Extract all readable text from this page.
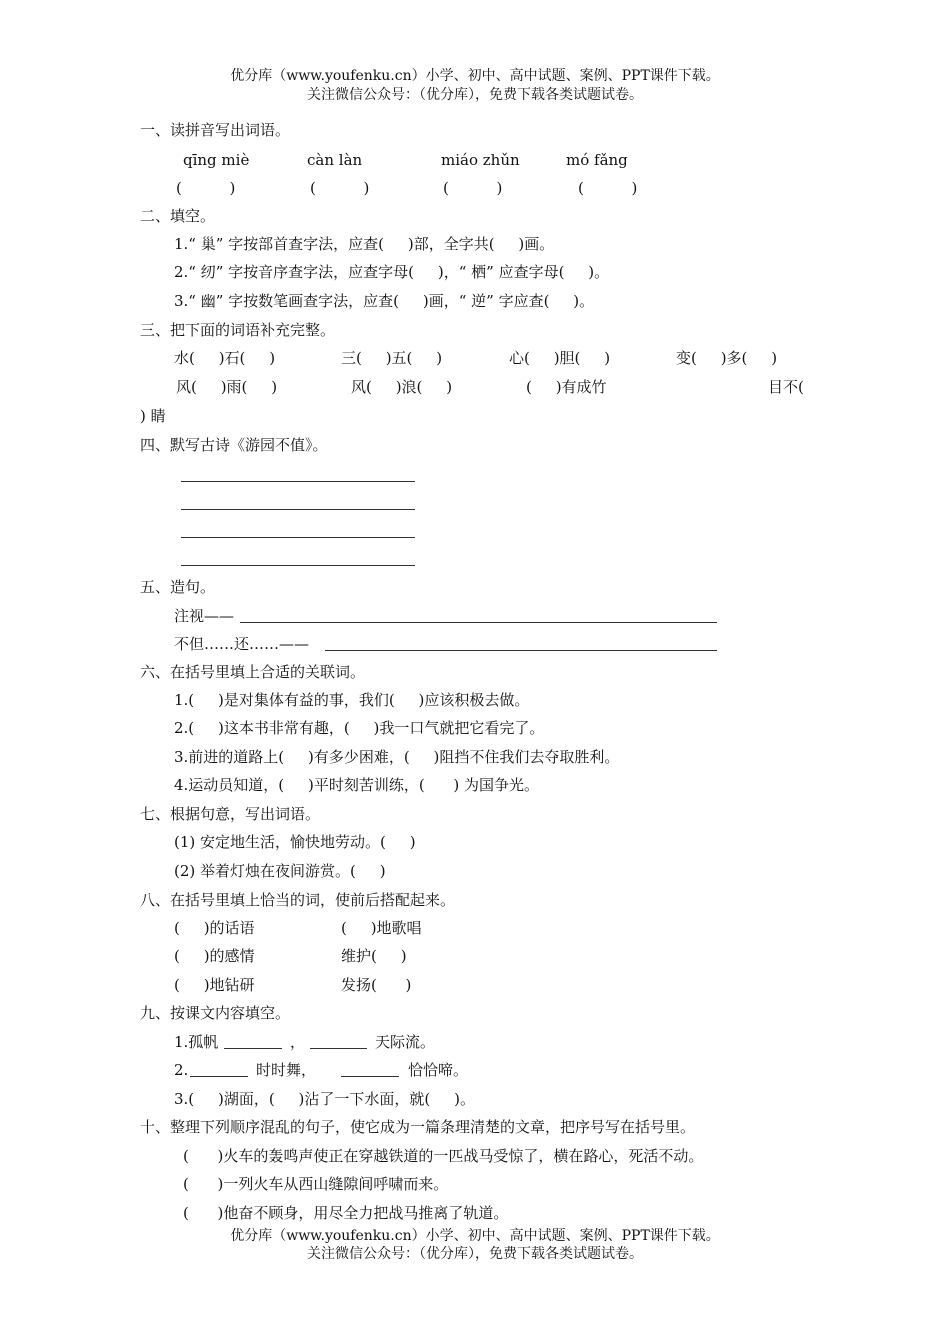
优分库（www.youfenku.cn）小学、初中、高中试题、案例、PPT课件下载。
关注微信公众号：（优分库），免费下载各类试题试卷。
一、读拼音写出词语。
qīng miè	càn làn	miáo zhǔn	mó fǎng
(          )	(          )	(          )	(          )
二、填空。
1.“ 巢” 字按部首查字法，应查(     )部，全字共(     )画。
2.“ 纫” 字按音序查字法，应查字母(     )，“ 栖” 应查字母(     )。
3.“ 幽” 字按数笔画查字法，应查(     )画，“ 逆” 字应查(     )。
三、把下面的词语补充完整。
水(     )石(     )	三(     )五(     )	心(     )胆(     )	变(     )多(     )
风(     )雨(     )	风(     )浪(     )	(     )有成竹	目不(
) 睛
四、默写古诗《游园不值》。
五、造句。
注视——
不但……还……——
六、在括号里填上合适的关联词。
1.(     )是对集体有益的事，我们(     )应该积极去做。
2.(     )这本书非常有趣，(     )我一口气就把它看完了。
3.前进的道路上(     )有多少困难，(     )阻挡不住我们去夺取胜利。
4.运动员知道，(     )平时刻苦训练，(      ) 为国争光。
七、根据句意，写出词语。
(1) 安定地生活，愉快地劳动。(     )
(2) 举着灯烛在夜间游赏。(     )
八、在括号里填上恰当的词，使前后搭配起来。
(     )的话语	(     )地歌唱
(     )的感情	维护(     )
(     )地钻研	发扬(      )
九、按课文内容填空。
1.孤帆	，	天际流。
2.	时时舞，	恰恰啼。
3.(     )湖面，(     )沾了一下水面，就(     )。
十、整理下列顺序混乱的句子，使它成为一篇条理清楚的文章，把序号写在括号里。
(      )火车的轰鸣声使正在穿越铁道的一匹战马受惊了，横在路心，死活不动。
(      )一列火车从西山缝隙间呼啸而来。
(      )他奋不顾身，用尽全力把战马推离了轨道。
优分库（www.youfenku.cn）小学、初中、高中试题、案例、PPT课件下载。
关注微信公众号：（优分库），免费下载各类试题试卷。
